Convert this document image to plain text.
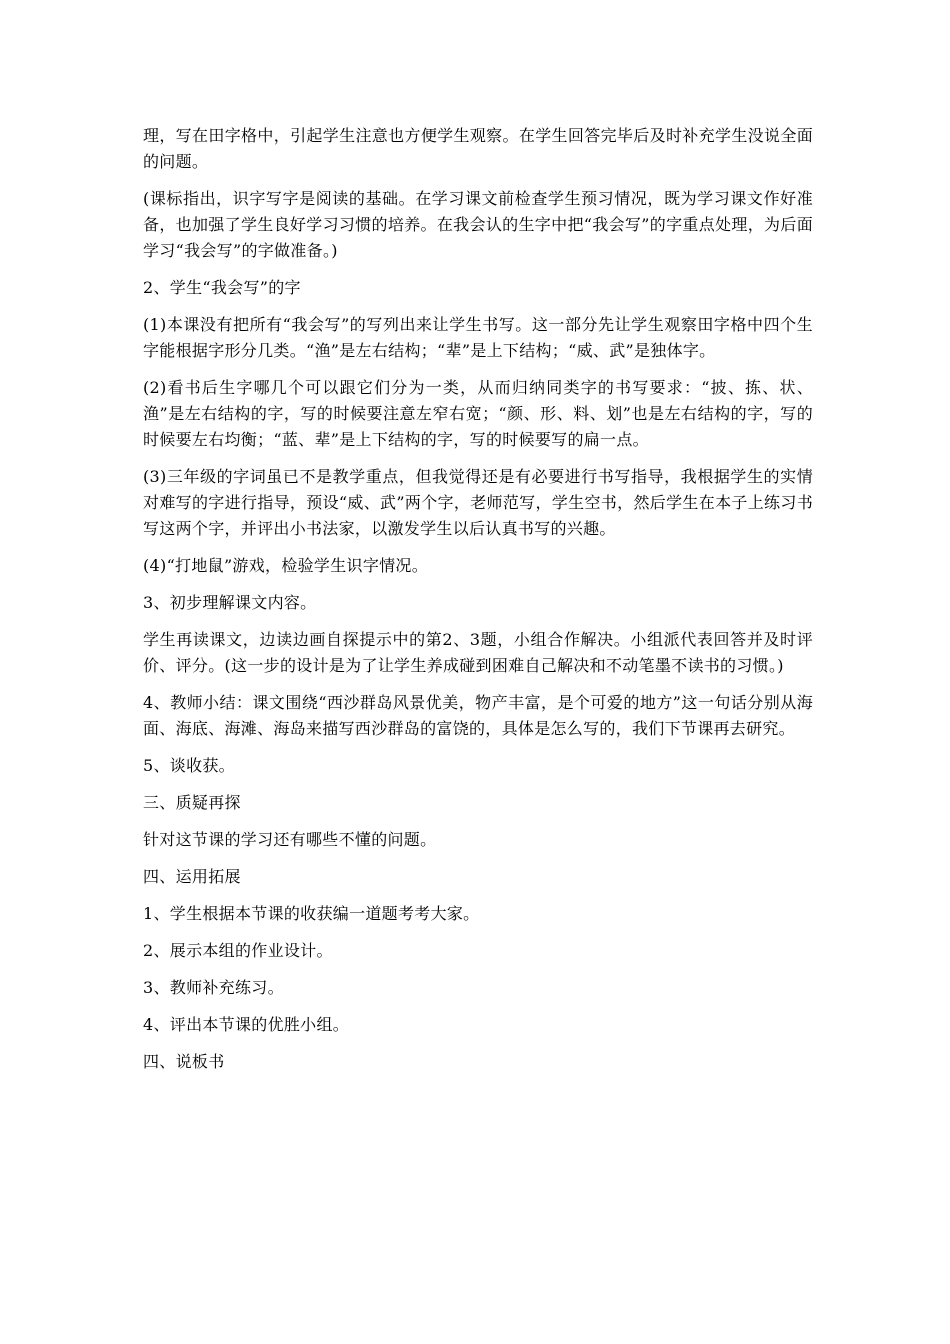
理，写在田字格中，引起学生注意也方便学生观察。在学生回答完毕后及时补充学生没说全面的问题。

(课标指出，识字写字是阅读的基础。在学习课文前检查学生预习情况，既为学习课文作好准备，也加强了学生良好学习习惯的培养。在我会认的生字中把“我会写”的字重点处理，为后面学习“我会写”的字做准备。)

2、学生“我会写”的字

(1)本课没有把所有“我会写”的写列出来让学生书写。这一部分先让学生观察田字格中四个生字能根据字形分几类。“渔”是左右结构；“辈”是上下结构；“威、武”是独体字。

(2)看书后生字哪几个可以跟它们分为一类，从而归纳同类字的书写要求：“披、拣、状、渔”是左右结构的字，写的时候要注意左窄右宽；“颜、形、料、划”也是左右结构的字，写的时候要左右均衡；“蓝、辈”是上下结构的字，写的时候要写的扁一点。

(3)三年级的字词虽已不是教学重点，但我觉得还是有必要进行书写指导，我根据学生的实情对难写的字进行指导，预设“威、武”两个字，老师范写，学生空书，然后学生在本子上练习书写这两个字，并评出小书法家，以激发学生以后认真书写的兴趣。

(4)“打地鼠”游戏，检验学生识字情况。

3、初步理解课文内容。

学生再读课文，边读边画自探提示中的第2、3题，小组合作解决。小组派代表回答并及时评价、评分。(这一步的设计是为了让学生养成碰到困难自己解决和不动笔墨不读书的习惯。)

4、教师小结：课文围绕“西沙群岛风景优美，物产丰富，是个可爱的地方”这一句话分别从海面、海底、海滩、海岛来描写西沙群岛的富饶的，具体是怎么写的，我们下节课再去研究。

5、谈收获。

三、质疑再探

针对这节课的学习还有哪些不懂的问题。

四、运用拓展

1、学生根据本节课的收获编一道题考考大家。

2、展示本组的作业设计。

3、教师补充练习。

4、评出本节课的优胜小组。

四、说板书
